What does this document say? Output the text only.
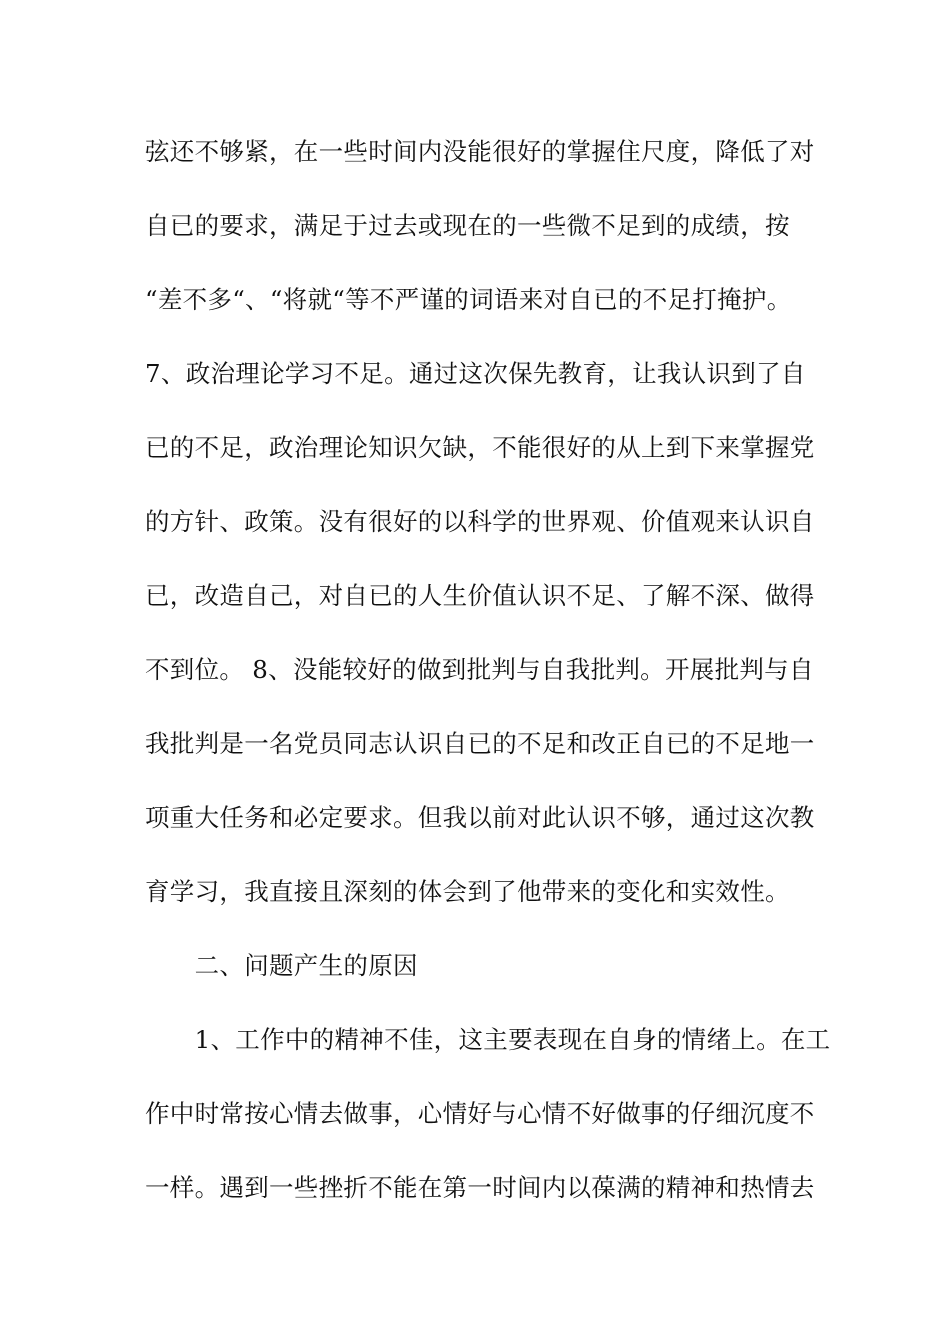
弦还不够紧，在一些时间内没能很好的掌握住尺度，降低了对
自已的要求，满足于过去或现在的一些微不足到的成绩，按
“差不多“、“将就“等不严谨的词语来对自已的不足打掩护。
7、政治理论学习不足。通过这次保先教育，让我认识到了自
已的不足，政治理论知识欠缺，不能很好的从上到下来掌握党
的方针、政策。没有很好的以科学的世界观、价值观来认识自
已，改造自己，对自已的人生价值认识不足、了解不深、做得
不到位。 8、没能较好的做到批判与自我批判。开展批判与自
我批判是一名党员同志认识自已的不足和改正自已的不足地一
项重大任务和必定要求。但我以前对此认识不够，通过这次教
育学习，我直接且深刻的体会到了他带来的变化和实效性。
　　二、问题产生的原因
　　1、工作中的精神不佳，这主要表现在自身的情绪上。在工
作中时常按心情去做事，心情好与心情不好做事的仔细沉度不
一样。遇到一些挫折不能在第一时间内以葆满的精神和热情去
